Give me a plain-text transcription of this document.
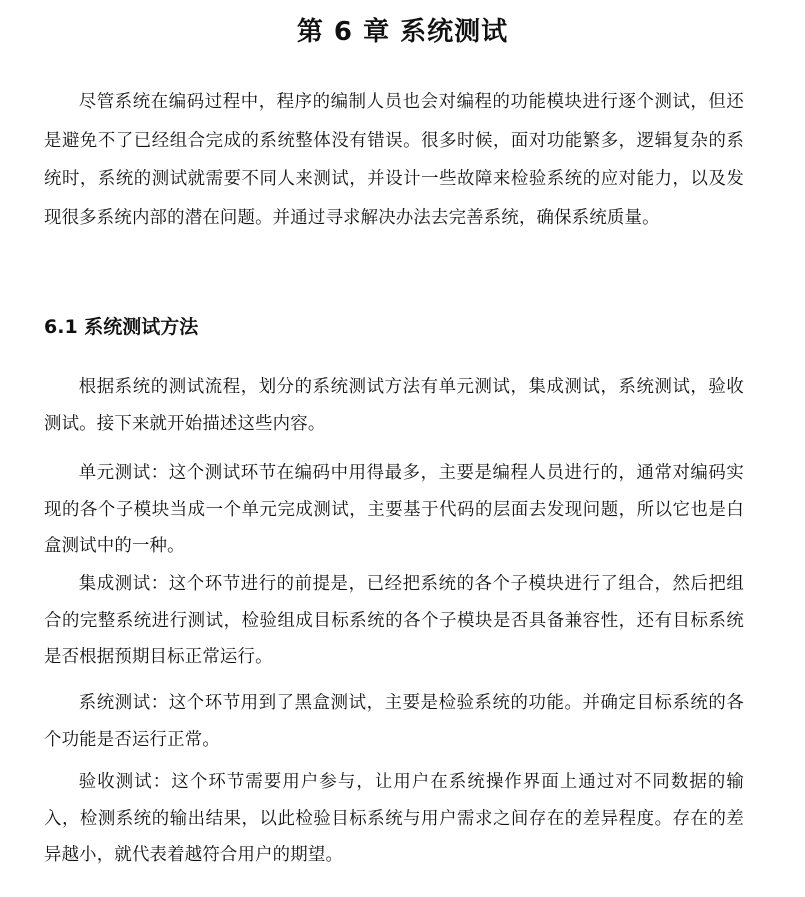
第 6 章 系统测试

尽管系统在编码过程中，程序的编制人员也会对编程的功能模块进行逐个测试，但还是避免不了已经组合完成的系统整体没有错误。很多时候，面对功能繁多，逻辑复杂的系统时，系统的测试就需要不同人来测试，并设计一些故障来检验系统的应对能力，以及发现很多系统内部的潜在问题。并通过寻求解决办法去完善系统，确保系统质量。

6.1 系统测试方法

根据系统的测试流程，划分的系统测试方法有单元测试，集成测试，系统测试，验收测试。接下来就开始描述这些内容。

单元测试：这个测试环节在编码中用得最多，主要是编程人员进行的，通常对编码实现的各个子模块当成一个单元完成测试，主要基于代码的层面去发现问题，所以它也是白盒测试中的一种。

集成测试：这个环节进行的前提是，已经把系统的各个子模块进行了组合，然后把组合的完整系统进行测试，检验组成目标系统的各个子模块是否具备兼容性，还有目标系统是否根据预期目标正常运行。

系统测试：这个环节用到了黑盒测试，主要是检验系统的功能。并确定目标系统的各个功能是否运行正常。

验收测试：这个环节需要用户参与，让用户在系统操作界面上通过对不同数据的输入，检测系统的输出结果，以此检验目标系统与用户需求之间存在的差异程度。存在的差异越小，就代表着越符合用户的期望。
